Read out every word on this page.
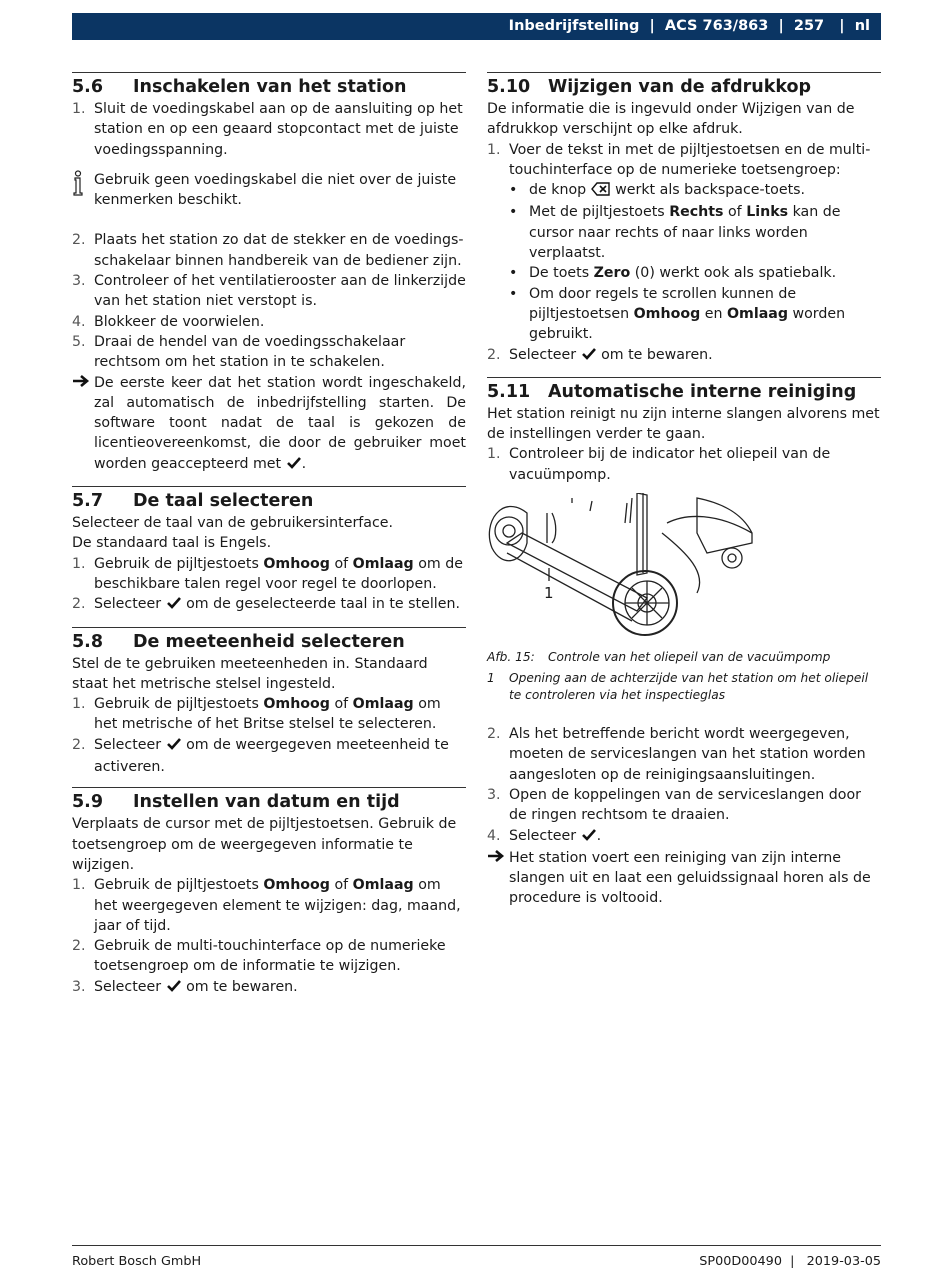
Inbedrijfstelling | ACS 763/863 | 257 | nl
5.6	Inschakelen van het station
1. Sluit de voedingskabel aan op de aansluiting op het station en op een geaard stopcontact met de juiste voedingsspanning.
Gebruik geen voedingskabel die niet over de juiste kenmerken beschikt.
2. Plaats het station zo dat de stekker en de voedings-schakelaar binnen handbereik van de bediener zijn.
3. Controleer of het ventilatierooster aan de linkerzijde van het station niet verstopt is.
4. Blokkeer de voorwielen.
5. Draai de hendel van de voedingsschakelaar rechtsom om het station in te schakelen.
De eerste keer dat het station wordt ingeschakeld, zal automatisch de inbedrijfstelling starten. De software toont nadat de taal is gekozen de licentieovereenkomst, die door de gebruiker moet worden geaccepteerd met .
5.7	De taal selecteren

Selecteer de taal van de gebruikersinterface.

De standaard taal is Engels.

1. Gebruik de pijltjestoets Omhoog of Omlaag om de beschikbare talen regel voor regel te doorlopen.
2. Selecteer  om de geselecteerde taal in te stellen.
5.8	De meeteenheid selecteren

Stel de te gebruiken meeteenheden in. Standaard staat het metrische stelsel ingesteld.

1. Gebruik de pijltjestoets Omhoog of Omlaag om het metrische of het Britse stelsel te selecteren.
2. Selecteer  om de weergegeven meeteenheid te activeren.
5.9	Instellen van datum en tijd

Verplaats de cursor met de pijltjestoetsen. Gebruik de toetsengroep om de weergegeven informatie te wijzigen.

1. Gebruik de pijltjestoets Omhoog of Omlaag om het weergegeven element te wijzigen: dag, maand, jaar of tijd.
2. Gebruik de multi-touchinterface op de numerieke toetsengroep om de informatie te wijzigen.
3. Selecteer  om te bewaren.
5.10	Wijzigen van de afdrukkop

De informatie die is ingevuld onder Wijzigen van de afdrukkop verschijnt op elke afdruk.

1. Voer de tekst in met de pijltjestoetsen en de multi-touchinterface op de numerieke toetsengroep:
• de knop  werkt als backspace-toets.
• Met de pijltjestoets Rechts of Links kan de cursor naar rechts of naar links worden verplaatst.
• De toets Zero (0) werkt ook als spatiebalk.
• Om door regels te scrollen kunnen de pijltjestoetsen Omhoog en Omlaag worden gebruikt.
2. Selecteer  om te bewaren.
5.11	Automatische interne reiniging

Het station reinigt nu zijn interne slangen alvorens met de instellingen verder te gaan.

1. Controleer bij de indicator het oliepeil van de vacuümpomp.
1
Afb. 15:	Controle van het oliepeil van de vacuümpomp
1	Opening aan de achterzijde van het station om het oliepeil te controleren via het inspectieglas
2. Als het betreffende bericht wordt weergegeven, moeten de serviceslangen van het station worden aangesloten op de reinigingsaansluitingen.
3. Open de koppelingen van de serviceslangen door de ringen rechtsom te draaien.
4. Selecteer .
Het station voert een reiniging van zijn interne slangen uit en laat een geluidssignaal horen als de procedure is voltooid.
Robert Bosch GmbH	SP00D00490  |   2019-03-05
